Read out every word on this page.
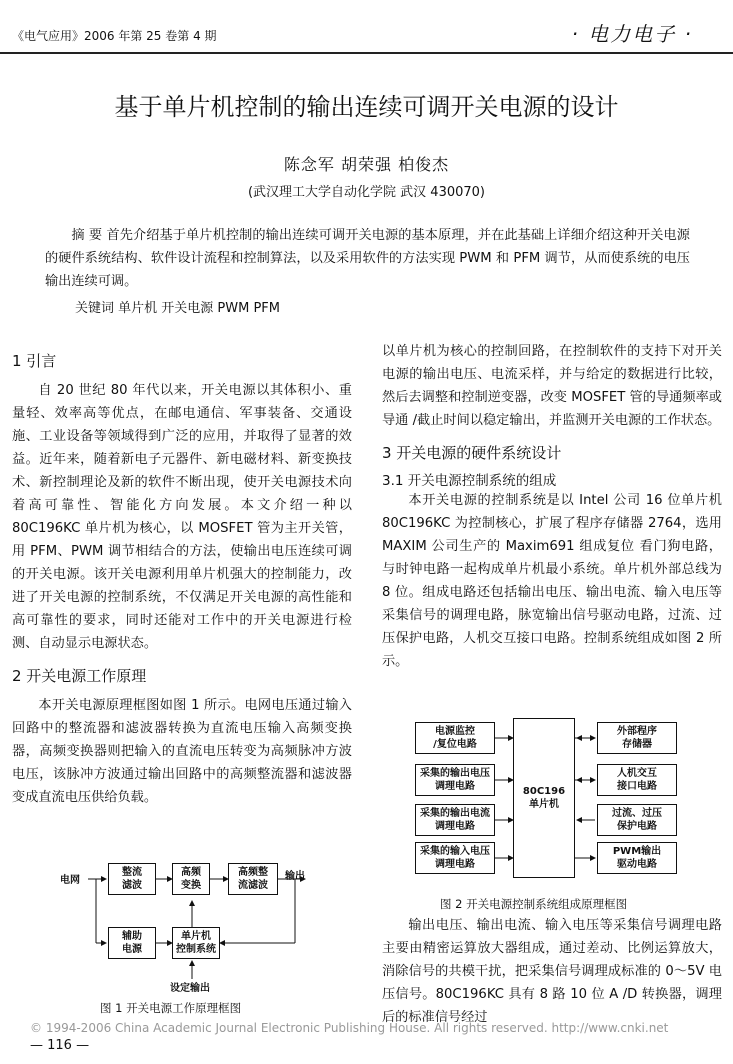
《电气应用》2006 年第 25 卷第 4 期	· 电力电子 ·
基于单片机控制的输出连续可调开关电源的设计
陈念军 胡荣强 柏俊杰
(武汉理工大学自动化学院 武汉 430070)

摘 要 首先介绍基于单片机控制的输出连续可调开关电源的基本原理，并在此基础上详细介绍这种开关电源的硬件系统结构、软件设计流程和控制算法，以及采用软件的方法实现 PWM 和 PFM 调节，从而使系统的电压输出连续可调。

关键词 单片机 开关电源 PWM PFM
1 引言

自 20 世纪 80 年代以来，开关电源以其体积小、重量轻、效率高等优点，在邮电通信、军事装备、交通设施、工业设备等领域得到广泛的应用，并取得了显著的效益。近年来，随着新电子元器件、新电磁材料、新变换技术、新控制理论及新的软件不断出现，使开关电源技术向着高可靠性、智能化方向发展。本文介绍一种以 80C196KC 单片机为核心，以 MOSFET 管为主开关管，用 PFM、PWM 调节相结合的方法，使输出电压连续可调的开关电源。该开关电源利用单片机强大的控制能力，改进了开关电源的控制系统，不仅满足开关电源的高性能和高可靠性的要求，同时还能对工作中的开关电源进行检测、自动显示电源状态。

2 开关电源工作原理

本开关电源原理框图如图 1 所示。电网电压通过输入回路中的整流器和滤波器转换为直流电压输入高频变换器，高频变换器则把输入的直流电压转变为高频脉冲方波电压，该脉冲方波通过输出回路中的高频整流器和滤波器变成直流电压供给负载。

电网	输出
整流
滤波
高频
变换
高频整
流滤波
辅助
电源
单片机
控制系统
设定输出
图 1 开关电源工作原理框图

以单片机为核心的控制回路，在控制软件的支持下对开关电源的输出电压、电流采样，并与给定的数据进行比较，然后去调整和控制逆变器，改变 MOSFET 管的导通频率或导通 /截止时间以稳定输出，并监测开关电源的工作状态。

3 开关电源的硬件系统设计
3.1 开关电源控制系统的组成

本开关电源的控制系统是以 Intel 公司 16 位单片机 80C196KC 为控制核心，扩展了程序存储器 2764，选用 MAXIM 公司生产的 Maxim691 组成复位 看门狗电路，与时钟电路一起构成单片机最小系统。单片机外部总线为 8 位。组成电路还包括输出电压、输出电流、输入电压等采集信号的调理电路，脉宽输出信号驱动电路，过流、过压保护电路，人机交互接口电路。控制系统组成如图 2 所示。

电源监控
/复位电路
采集的输出电压
调理电路
采集的输出电流
调理电路
采集的输入电压
调理电路
80C196
单片机
外部程序
存储器
人机交互
接口电路
过流、过压
保护电路
PWM输出
驱动电路
图 2 开关电源控制系统组成原理框图

输出电压、输出电流、输入电压等采集信号调理电路主要由精密运算放大器组成，通过差动、比例运算放大，消除信号的共模干扰，把采集信号调理成标准的 0～5V 电压信号。80C196KC 具有 8 路 10 位 A /D 转换器，调理后的标准信号经过

© 1994-2006 China Academic Journal Electronic Publishing House. All rights reserved. http://www.cnki.net
— 116 —
